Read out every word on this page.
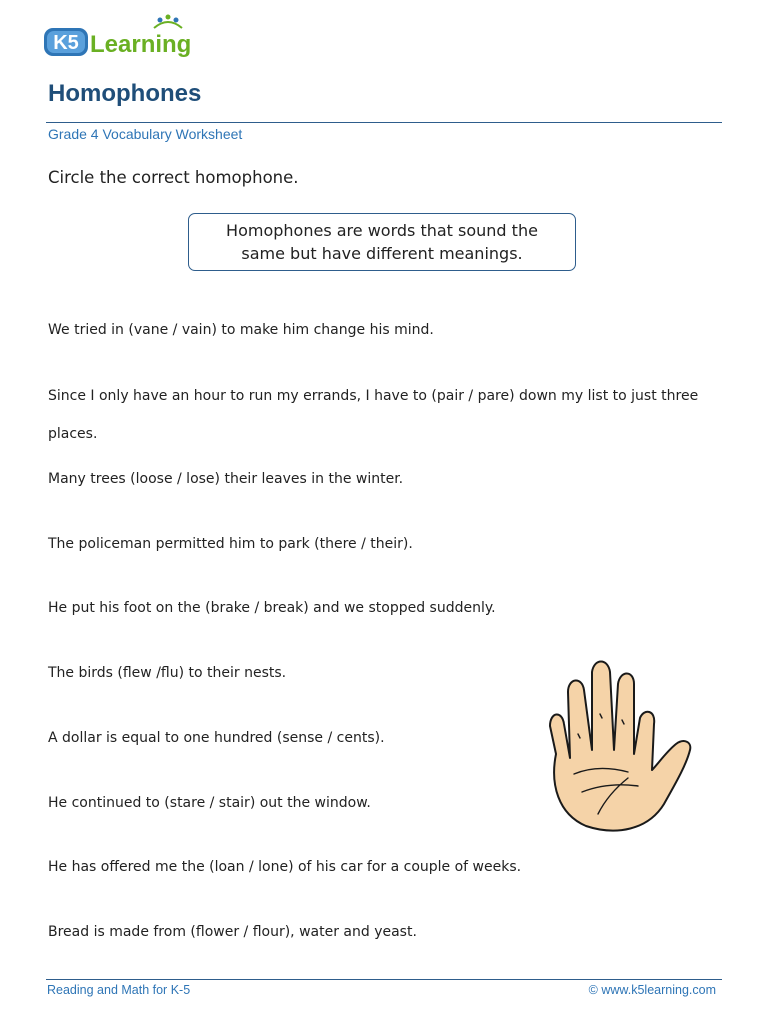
K5 Learning
Homophones
Grade 4 Vocabulary Worksheet
Circle the correct homophone.
Homophones are words that sound the same but have different meanings.
We tried in (vane / vain) to make him change his mind.
Since I only have an hour to run my errands, I have to (pair / pare) down my list to just three places.
Many trees (loose / lose) their leaves in the winter.
The policeman permitted him to park (there / their).
He put his foot on the (brake / break) and we stopped suddenly.
The birds (flew /flu) to their nests.
A dollar is equal to one hundred (sense / cents).
He continued to (stare / stair) out the window.
He has offered me the (loan / lone) of his car for a couple of weeks.
Bread is made from (flower / flour), water and yeast.
Reading and Math for K-5	© www.k5learning.com
